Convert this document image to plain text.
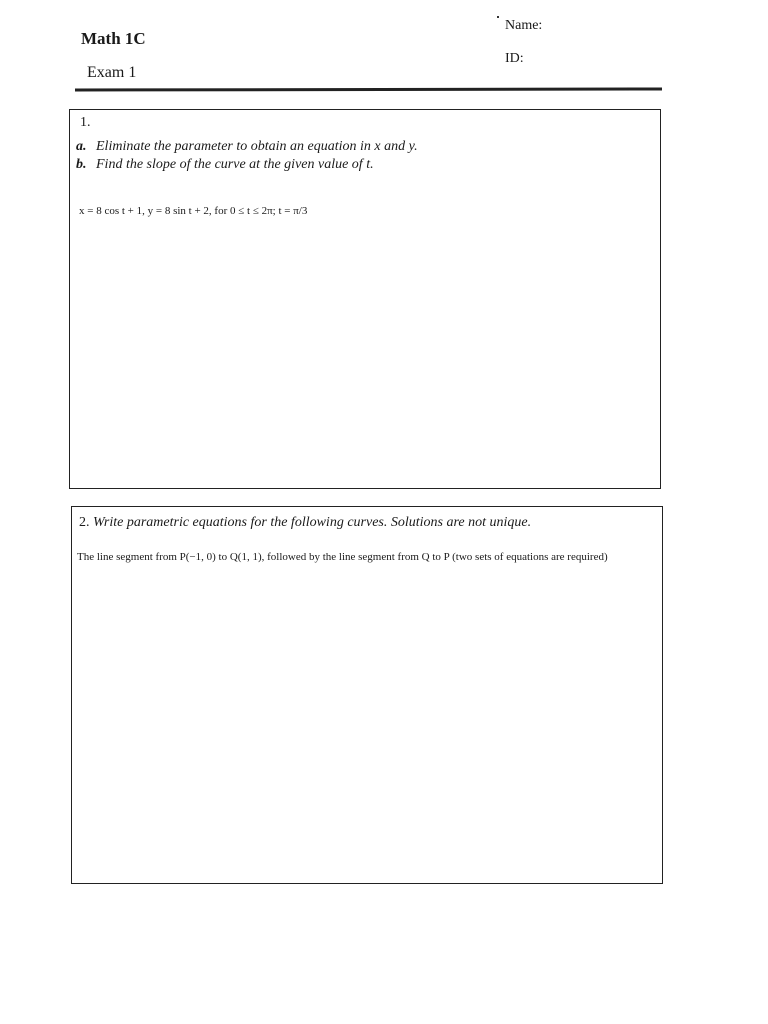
Math 1C
Exam 1
Name:
ID:
1.
a. Eliminate the parameter to obtain an equation in x and y.
b. Find the slope of the curve at the given value of t.
x = 8 cos t + 1, y = 8 sin t + 2, for 0 ≤ t ≤ 2π; t = π/3
2. Write parametric equations for the following curves. Solutions are not unique.
The line segment from P(−1, 0) to Q(1, 1), followed by the line segment from Q to P (two sets of equations are required)
